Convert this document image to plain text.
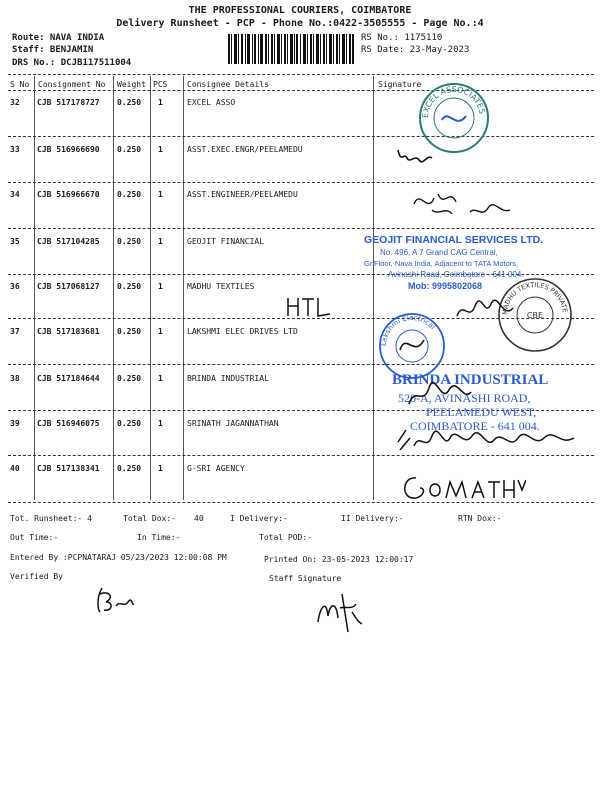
THE PROFESSIONAL COURIERS, COIMBATORE
Delivery Runsheet - PCP - Phone No.:0422-3505555 - Page No.:4
Route: NAVA INDIA
Staff: BENJAMIN
DRS No.: DCJB117511004
RS No.: 1175110
RS Date: 23-May-2023
S No Consignment No Weight PCS Consignee Details	Signature
32 CJB 517178727 0.250 1	EXCEL ASSO
33 CJB 516966690 0.250 1	ASST.EXEC.ENGR/PEELAMEDU
34 CJB 516966670 0.250 1	ASST.ENGINEER/PEELAMEDU
35 CJB 517104285 0.250 1	GEOJIT FINANCIAL
36 CJB 517068127 0.250 1	MADHU TEXTILES
37 CJB 517183681 0.250 1	LAKSHMI ELEC DRIVES LTD
38 CJB 517184644 0.250 1	BRINDA INDUSTRIAL
39 CJB 516946075 0.250 1	SRINATH JAGANNATHAN
40 CJB 517138341 0.250 1	G-SRI AGENCY
EXCEL ASSOCIATES
GEOJIT FINANCIAL SERVICES LTD.
No. 496, A 7 Grand CAG Central,
Gr.Floor, Nava India, Adjacent to TATA Motors,
Avinashi Road, Coimbatore - 641 004.
Mob: 9995802068
MADHU TEXTILES PRIVATE
CBE
Lakshmi Electrical
BRINDA INDUSTRIAL
520-A, AVINASHI ROAD,
PEELAMEDU WEST,
COIMBATORE - 641 004.
Tot. Runsheet:- 4	Total Dox:- 40	I Delivery:-	II Delivery:-	RTN Dox:-
Out Time:-	In Time:-	Total POD:-
Entered By :PCPNATARAJ 05/23/2023 12:00:08 PM	Printed On: 23-05-2023 12:00:17
Verified By	Staff Signature
